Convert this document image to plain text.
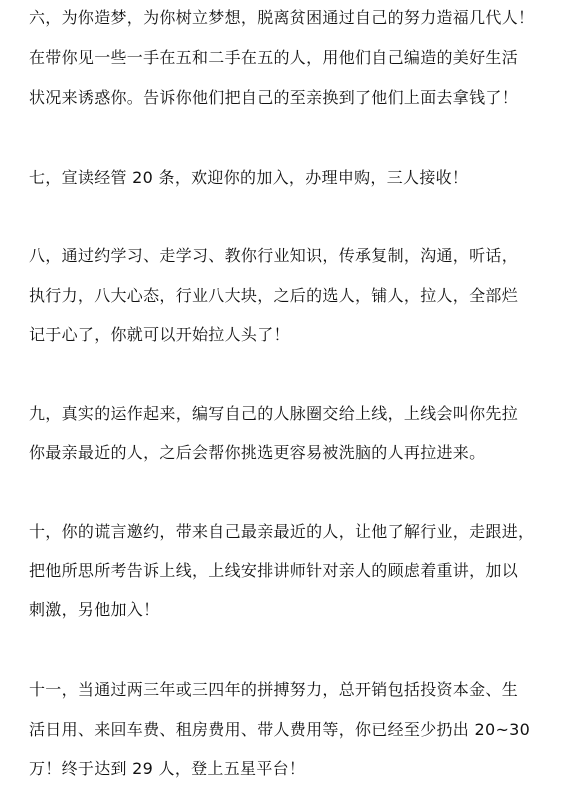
六，为你造梦，为你树立梦想，脱离贫困通过自己的努力造福几代人！
在带你见一些一手在五和二手在五的人，用他们自己编造的美好生活
状况来诱惑你。告诉你他们把自己的至亲换到了他们上面去拿钱了！
七，宣读经管 20 条，欢迎你的加入，办理申购，三人接收！
八，通过约学习、走学习、教你行业知识，传承复制，沟通，听话，
执行力，八大心态，行业八大块，之后的选人，铺人，拉人，全部烂
记于心了，你就可以开始拉人头了！
九，真实的运作起来，编写自己的人脉圈交给上线，上线会叫你先拉
你最亲最近的人，之后会帮你挑选更容易被洗脑的人再拉进来。
十，你的谎言邀约，带来自己最亲最近的人，让他了解行业，走跟进，
把他所思所考告诉上线，上线安排讲师针对亲人的顾虑着重讲，加以
刺激，另他加入！
十一，当通过两三年或三四年的拼搏努力，总开销包括投资本金、生
活日用、来回车费、租房费用、带人费用等，你已经至少扔出 20~30
万！终于达到 29 人，登上五星平台！
